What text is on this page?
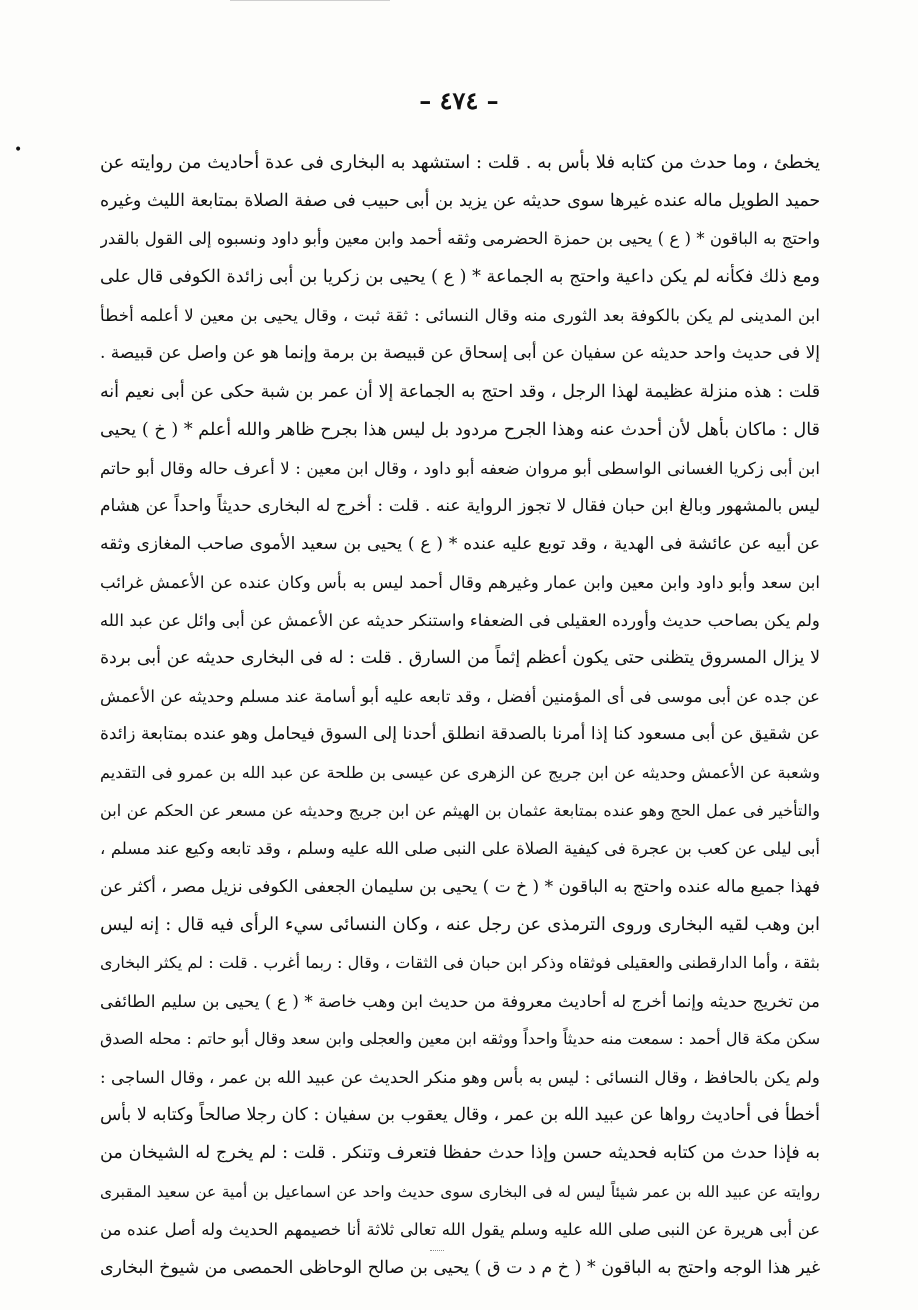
– ٤٧٤ –
•
يخطئ ، وما حدث من كتابه فلا بأس به . قلت : استشهد به البخارى فى عدة أحاديث من روايته عن
حميد الطويل ماله عنده غيرها سوى حديثه عن يزيد بن أبى حبيب فى صفة الصلاة بمتابعة الليث وغيره
واحتج به الباقون * ( ع ) يحيى بن حمزة الحضرمى وثقه أحمد وابن معين وأبو داود ونسبوه إلى القول بالقدر
ومع ذلك فكأنه لم يكن داعية واحتج به الجماعة * ( ع ) يحيى بن زكريا بن أبى زائدة الكوفى قال على
ابن المدينى لم يكن بالكوفة بعد الثورى منه وقال النسائى : ثقة ثبت ، وقال يحيى بن معين لا أعلمه أخطأ
إلا فى حديث واحد حديثه عن سفيان عن أبى إسحاق عن قبيصة بن برمة وإنما هو عن واصل عن قبيصة .
قلت : هذه منزلة عظيمة لهذا الرجل ، وقد احتج به الجماعة إلا أن عمر بن شبة حكى عن أبى نعيم أنه
قال : ماكان بأهل لأن أحدث عنه وهذا الجرح مردود بل ليس هذا بجرح ظاهر والله أعلم * ( خ ) يحيى
ابن أبى زكريا الغسانى الواسطى أبو مروان ضعفه أبو داود ، وقال ابن معين : لا أعرف حاله وقال أبو حاتم
ليس بالمشهور وبالغ ابن حبان فقال لا تجوز الرواية عنه . قلت : أخرج له البخارى حديثاً واحداً عن هشام
عن أبيه عن عائشة فى الهدية ، وقد توبع عليه عنده * ( ع ) يحيى بن سعيد الأموى صاحب المغازى وثقه
ابن سعد وأبو داود وابن معين وابن عمار وغيرهم وقال أحمد ليس به بأس وكان عنده عن الأعمش غرائب
ولم يكن بصاحب حديث وأورده العقيلى فى الضعفاء واستنكر حديثه عن الأعمش عن أبى وائل عن عبد الله
لا يزال المسروق يتظنى حتى يكون أعظم إثماً من السارق . قلت : له فى البخارى حديثه عن أبى بردة
عن جده عن أبى موسى فى أى المؤمنين أفضل ، وقد تابعه عليه أبو أسامة عند مسلم وحديثه عن الأعمش
عن شقيق عن أبى مسعود كنا إذا أمرنا بالصدقة انطلق أحدنا إلى السوق فيحامل وهو عنده بمتابعة زائدة
وشعبة عن الأعمش وحديثه عن ابن جريج عن الزهرى عن عيسى بن طلحة عن عبد الله بن عمرو فى التقديم
والتأخير فى عمل الحج وهو عنده بمتابعة عثمان بن الهيثم عن ابن جريج وحديثه عن مسعر عن الحكم عن ابن
أبى ليلى عن كعب بن عجرة فى كيفية الصلاة على النبى صلى الله عليه وسلم ، وقد تابعه وكيع عند مسلم ،
فهذا جميع ماله عنده واحتج به الباقون * ( خ ت ) يحيى بن سليمان الجعفى الكوفى نزيل مصر ، أكثر عن
ابن وهب لقيه البخارى وروى الترمذى عن رجل عنه ، وكان النسائى سيء الرأى فيه قال : إنه ليس
بثقة ، وأما الدارقطنى والعقيلى فوثقاه وذكر ابن حبان فى الثقات ، وقال : ربما أغرب . قلت : لم يكثر البخارى
من تخريج حديثه وإنما أخرج له أحاديث معروفة من حديث ابن وهب خاصة * ( ع ) يحيى بن سليم الطائفى
سكن مكة قال أحمد : سمعت منه حديثاً واحداً ووثقه ابن معين والعجلى وابن سعد وقال أبو حاتم : محله الصدق
ولم يكن بالحافظ ، وقال النسائى : ليس به بأس وهو منكر الحديث عن عبيد الله بن عمر ، وقال الساجى :
أخطأ فى أحاديث رواها عن عبيد الله بن عمر ، وقال يعقوب بن سفيان : كان رجلا صالحاً وكتابه لا بأس
به فإذا حدث من كتابه فحديثه حسن وإذا حدث حفظا فتعرف وتنكر . قلت : لم يخرج له الشيخان من
روايته عن عبيد الله بن عمر شيئاً ليس له فى البخارى سوى حديث واحد عن اسماعيل بن أمية عن سعيد المقبرى
عن أبى هريرة عن النبى صلى الله عليه وسلم يقول الله تعالى ثلاثة أنا خصيمهم الحديث وله أصل عنده من
غير هذا الوجه واحتج به الباقون * ( خ م د ت ق ) يحيى بن صالح الوحاظى الحمصى من شيوخ البخارى
